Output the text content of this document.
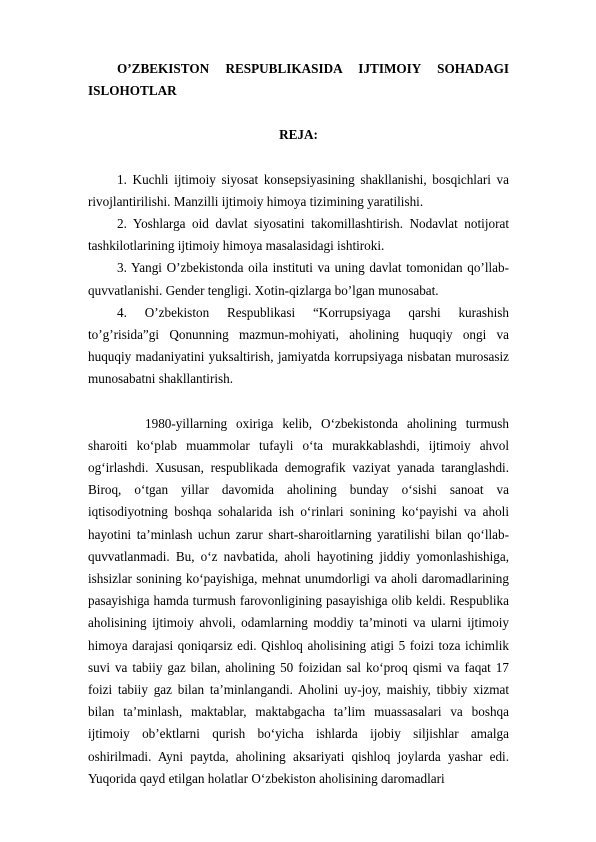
O’ZBEKISTON RESPUBLIKASIDA IJTIMOIY SOHADAGI ISLOHOTLAR

REJA:

1. Kuchli ijtimoiy siyosat konsepsiyasining shakllanishi, bosqichlari va rivojlantirilishi. Manzilli ijtimoiy himoya tizimining yaratilishi.
2. Yoshlarga oid davlat siyosatini takomillashtirish. Nodavlat notijorat tashkilotlarining ijtimoiy himoya masalasidagi ishtiroki.
3. Yangi O’zbekistonda oila instituti va uning davlat tomonidan qo’llab-quvvatlanishi. Gender tengligi. Xotin-qizlarga bo’lgan munosabat.
4. O’zbekiston Respublikasi “Korrupsiyaga qarshi kurashish to’g’risida”gi Qonunning mazmun-mohiyati, aholining huquqiy ongi va huquqiy madaniyatini yuksaltirish, jamiyatda korrupsiyaga nisbatan murosasiz munosabatni shakllantirish.

1980-yillarning oxiriga kelib, O‘zbekistonda aholining turmush sharoiti ko‘plab muammolar tufayli o‘ta murakkablashdi, ijtimoiy ahvol og‘irlashdi. Xususan, respublikada demografik vaziyat yanada taranglashdi. Biroq, o‘tgan yillar davomida aholining bunday o‘sishi sanoat va iqtisodiyotning boshqa sohalarida ish o‘rinlari sonining ko‘payishi va aholi hayotini ta’minlash uchun zarur shart-sharoitlarning yaratilishi bilan qo‘llab-quvvatlanmadi. Bu, o‘z navbatida, aholi hayotining jiddiy yomonlashishiga, ishsizlar sonining ko‘payishiga, mehnat unumdorligi va aholi daromadlarining pasayishiga hamda turmush farovonligining pasayishiga olib keldi. Respublika aholisining ijtimoiy ahvoli, odamlarning moddiy ta’minoti va ularni ijtimoiy himoya darajasi qoniqarsiz edi. Qishloq aholisining atigi 5 foizi toza ichimlik suvi va tabiiy gaz bilan, aholining 50 foizidan sal ko‘proq qismi va faqat 17 foizi tabiiy gaz bilan ta’minlangandi. Aholini uy-joy, maishiy, tibbiy xizmat bilan ta’minlash, maktablar, maktabgacha ta’lim muassasalari va boshqa ijtimoiy ob’ektlarni qurish bo‘yicha ishlarda ijobiy siljishlar amalga oshirilmadi. Ayni paytda, aholining aksariyati qishloq joylarda yashar edi. Yuqorida qayd etilgan holatlar O‘zbekiston aholisining daromadlari
